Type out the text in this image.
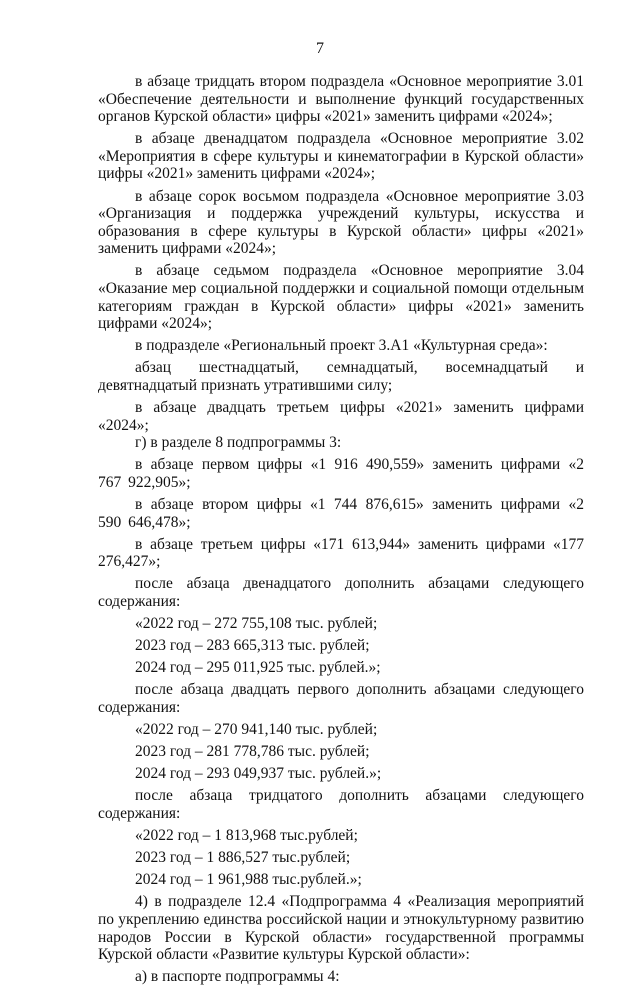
7

в абзаце тридцать втором подраздела «Основное мероприятие 3.01 «Обеспечение деятельности и выполнение функций государственных органов Курской области» цифры «2021» заменить цифрами «2024»;

в абзаце двенадцатом подраздела «Основное мероприятие 3.02 «Мероприятия в сфере культуры и кинематографии в Курской области» цифры «2021» заменить цифрами «2024»;

в абзаце сорок восьмом подраздела «Основное мероприятие 3.03 «Организация и поддержка учреждений культуры, искусства и образования в сфере культуры в Курской области» цифры «2021» заменить цифрами «2024»;

в абзаце седьмом подраздела «Основное мероприятие 3.04 «Оказание мер социальной поддержки и социальной помощи отдельным категориям граждан в Курской области» цифры «2021» заменить цифрами «2024»;

в подразделе «Региональный проект 3.А1 «Культурная среда»:

абзац шестнадцатый, семнадцатый, восемнадцатый и девятнадцатый признать утратившими силу;

в абзаце двадцать третьем цифры «2021» заменить цифрами «2024»;

г) в разделе 8 подпрограммы 3:

в абзаце первом цифры «1 916 490,559» заменить цифрами «2 767 922,905»;

в абзаце втором цифры «1 744 876,615» заменить цифрами «2 590 646,478»;

в абзаце третьем цифры «171 613,944» заменить цифрами «177 276,427»;

после абзаца двенадцатого дополнить абзацами следующего содержания:

«2022 год – 272 755,108 тыс. рублей;

2023 год – 283 665,313 тыс. рублей;

2024 год – 295 011,925 тыс. рублей.»;

после абзаца двадцать первого дополнить абзацами следующего содержания:

«2022 год – 270 941,140 тыс. рублей;

2023 год – 281 778,786 тыс. рублей;

2024 год – 293 049,937 тыс. рублей.»;

после абзаца тридцатого дополнить абзацами следующего содержания:

«2022 год – 1 813,968 тыс.рублей;

2023 год – 1 886,527 тыс.рублей;

2024 год – 1 961,988 тыс.рублей.»;

4) в подразделе 12.4 «Подпрограмма 4 «Реализация мероприятий по укреплению единства российской нации и этнокультурному развитию народов России в Курской области» государственной программы Курской области «Развитие культуры Курской области»:

а) в паспорте подпрограммы 4:
